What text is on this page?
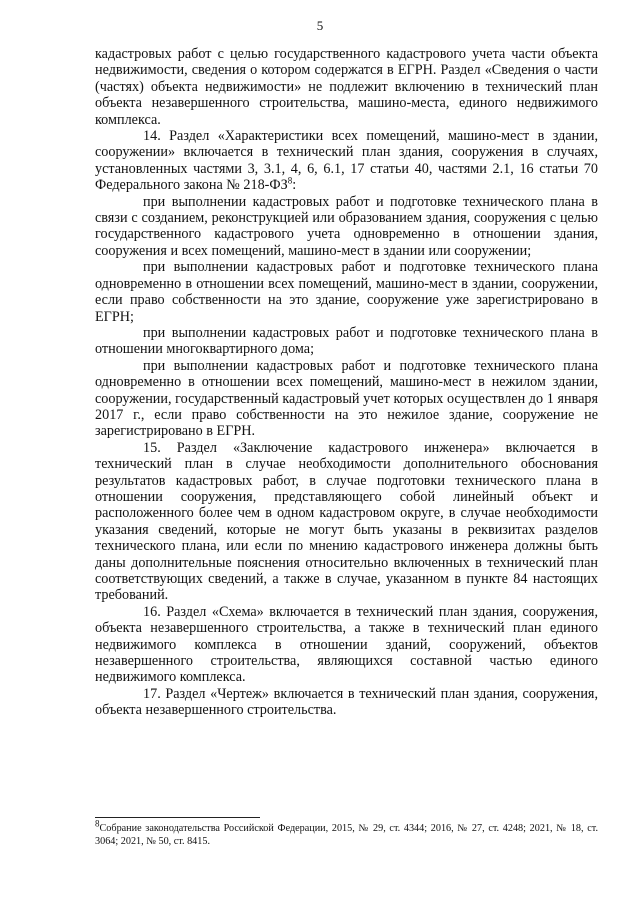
5

кадастровых работ с целью государственного кадастрового учета части объекта недвижимости, сведения о котором содержатся в ЕГРН. Раздел «Сведения о части (частях) объекта недвижимости» не подлежит включению в технический план объекта незавершенного строительства, машино-места, единого недвижимого комплекса.

14. Раздел «Характеристики всех помещений, машино-мест в здании, сооружении» включается в технический план здания, сооружения в случаях, установленных частями 3, 3.1, 4, 6, 6.1, 17 статьи 40, частями 2.1, 16 статьи 70 Федерального закона № $218-ФЗ^8$:

при выполнении кадастровых работ и подготовке технического плана в связи с созданием, реконструкцией или образованием здания, сооружения с целью государственного кадастрового учета одновременно в отношении здания, сооружения и всех помещений, машино-мест в здании или сооружении;

при выполнении кадастровых работ и подготовке технического плана одновременно в отношении всех помещений, машино-мест в здании, сооружении, если право собственности на это здание, сооружение уже зарегистрировано в ЕГРН;

при выполнении кадастровых работ и подготовке технического плана в отношении многоквартирного дома;

при выполнении кадастровых работ и подготовке технического плана одновременно в отношении всех помещений, машино-мест в нежилом здании, сооружении, государственный кадастровый учет которых осуществлен до 1 января 2017 г., если право собственности на это нежилое здание, сооружение не зарегистрировано в ЕГРН.

15. Раздел «Заключение кадастрового инженера» включается в технический план в случае необходимости дополнительного обоснования результатов кадастровых работ, в случае подготовки технического плана в отношении сооружения, представляющего собой линейный объект и расположенного более чем в одном кадастровом округе, в случае необходимости указания сведений, которые не могут быть указаны в реквизитах разделов технического плана, или если по мнению кадастрового инженера должны быть даны дополнительные пояснения относительно включенных в технический план соответствующих сведений, а также в случае, указанном в пункте 84 настоящих требований.

16. Раздел «Схема» включается в технический план здания, сооружения, объекта незавершенного строительства, а также в технический план единого недвижимого комплекса в отношении зданий, сооружений, объектов незавершенного строительства, являющихся составной частью единого недвижимого комплекса.

17. Раздел «Чертеж» включается в технический план здания, сооружения, объекта незавершенного строительства.

$^8$Собрание законодательства Российской Федерации, 2015, № 29, ст. 4344; 2016, № 27, ст. 4248; 2021, № 18, ст. 3064; 2021, № 50, ст. 8415.
